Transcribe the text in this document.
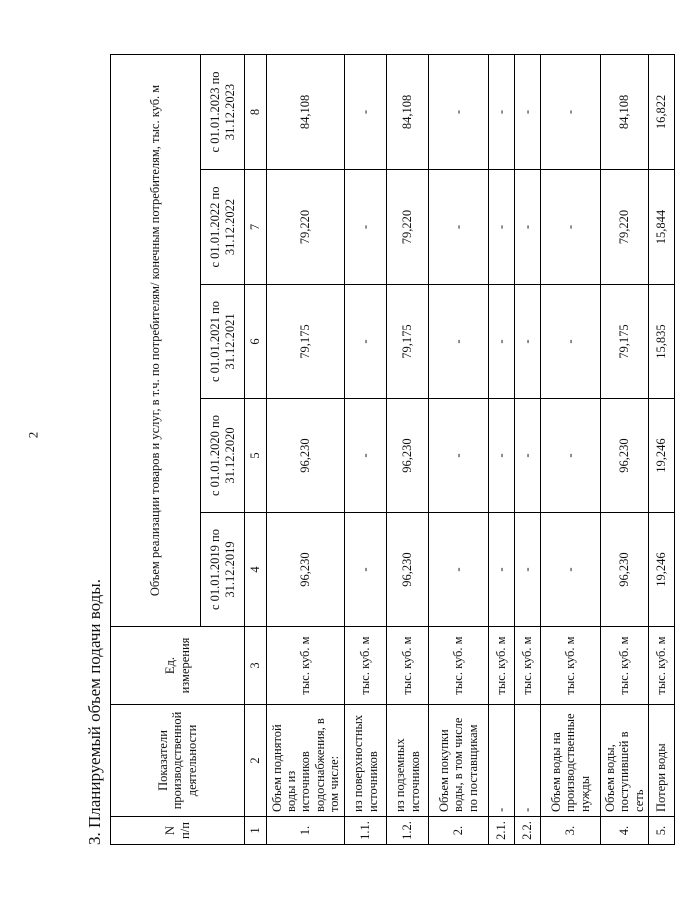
2
3. Планируемый объем подачи воды.	N п/п	Показатели производственной деятельности	Ед. измерения	Объем реализации товаров и услуг, в т.ч. по потребителям/ конечным потребителям, тыс. куб. м				
			с 01.01.2019 по 31.12.2019	с 01.01.2020 по 31.12.2020	с 01.01.2021 по 31.12.2021	с 01.01.2022 по 31.12.2022	с 01.01.2023 по 31.12.2023
1	2	3	4	5	6	7	8
1.	Объем поднятой воды из источников водоснабжения, в том числе:	тыс. куб. м	96,230	96,230	79,175	79,220	84,108
1.1.	из поверхностных источников	тыс. куб. м	-	-	-	-	-
1.2.	из подземных источников	тыс. куб. м	96,230	96,230	79,175	79,220	84,108
2.	Объем покупки воды, в том числе по поставщикам	тыс. куб. м	-	-	-	-	-
2.1.	-	тыс. куб. м	-	-	-	-	-
2.2.	-	тыс. куб. м	-	-	-	-	-
3.	Объем воды на производственные нужды	тыс. куб. м	-	-	-	-	-
4.	Объем воды, поступившей в сеть	тыс. куб. м	96,230	96,230	79,175	79,220	84,108
5.	Потери воды	тыс. куб. м	19,246	19,246	15,835	15,844	16,822
